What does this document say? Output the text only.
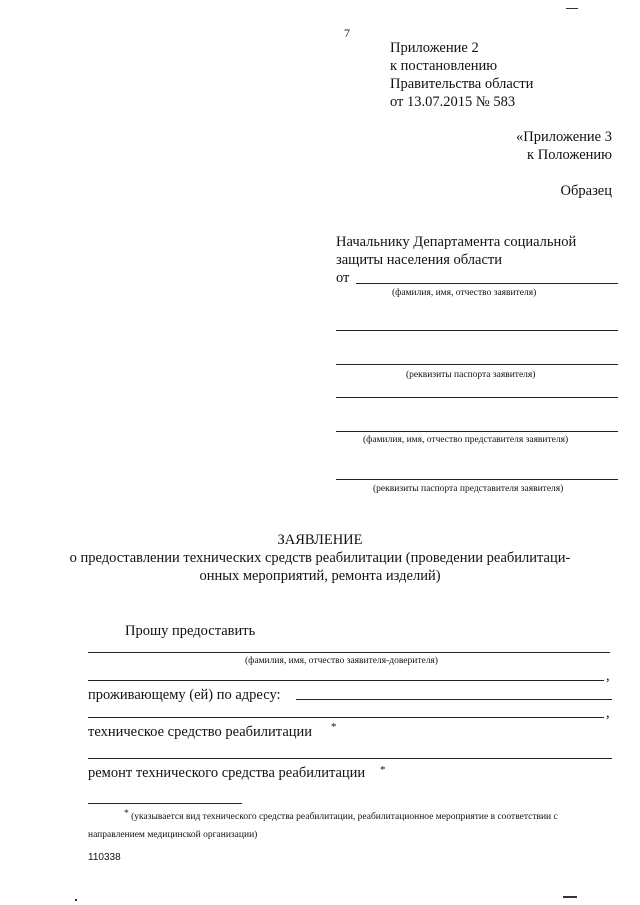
7
Приложение 2
к постановлению
Правительства области
от 13.07.2015 № 583
«Приложение 3
к Положению
Образец
Начальнику Департамента социальной
защиты населения области
от
(фамилия, имя, отчество заявителя)
(реквизиты паспорта заявителя)
(фамилия, имя, отчество представителя заявителя)
(реквизиты паспорта представителя заявителя)
ЗАЯВЛЕНИЕ
о предоставлении технических средств реабилитации (проведении реабилитаци-
онных мероприятий, ремонта изделий)
Прошу предоставить
(фамилия, имя, отчество заявителя-доверителя)
,
проживающему (ей) по адресу:
,
техническое средство реабилитации *
ремонт технического средства реабилитации *
* (указывается вид технического средства реабилитации, реабилитационное мероприятие в соответствии с
направлением медицинской организации)
110338
